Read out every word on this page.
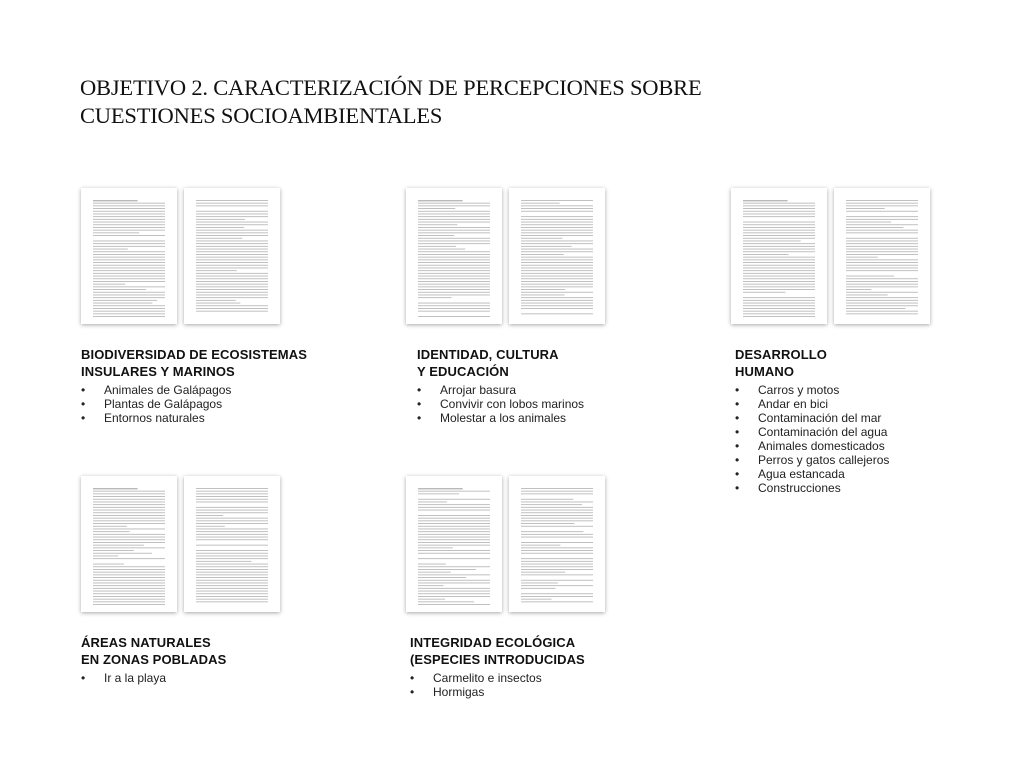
OBJETIVO 2. CARACTERIZACIÓN DE PERCEPCIONES SOBRE
CUESTIONES SOCIOAMBIENTALES
BIODIVERSIDAD DE ECOSISTEMAS
INSULARES Y MARINOS
• Animales de Galápagos
• Plantas de Galápagos
• Entornos naturales
IDENTIDAD, CULTURA
Y EDUCACIÓN
• Arrojar basura
• Convivir con lobos marinos
• Molestar a los animales
DESARROLLO
HUMANO
• Carros y motos
• Andar en bici
• Contaminación del mar
• Contaminación del agua
• Animales domesticados
• Perros y gatos callejeros
• Agua estancada
• Construcciones
ÁREAS NATURALES
EN ZONAS POBLADAS
• Ir a la playa
INTEGRIDAD ECOLÓGICA
(ESPECIES INTRODUCIDAS
• Carmelito e insectos
• Hormigas
